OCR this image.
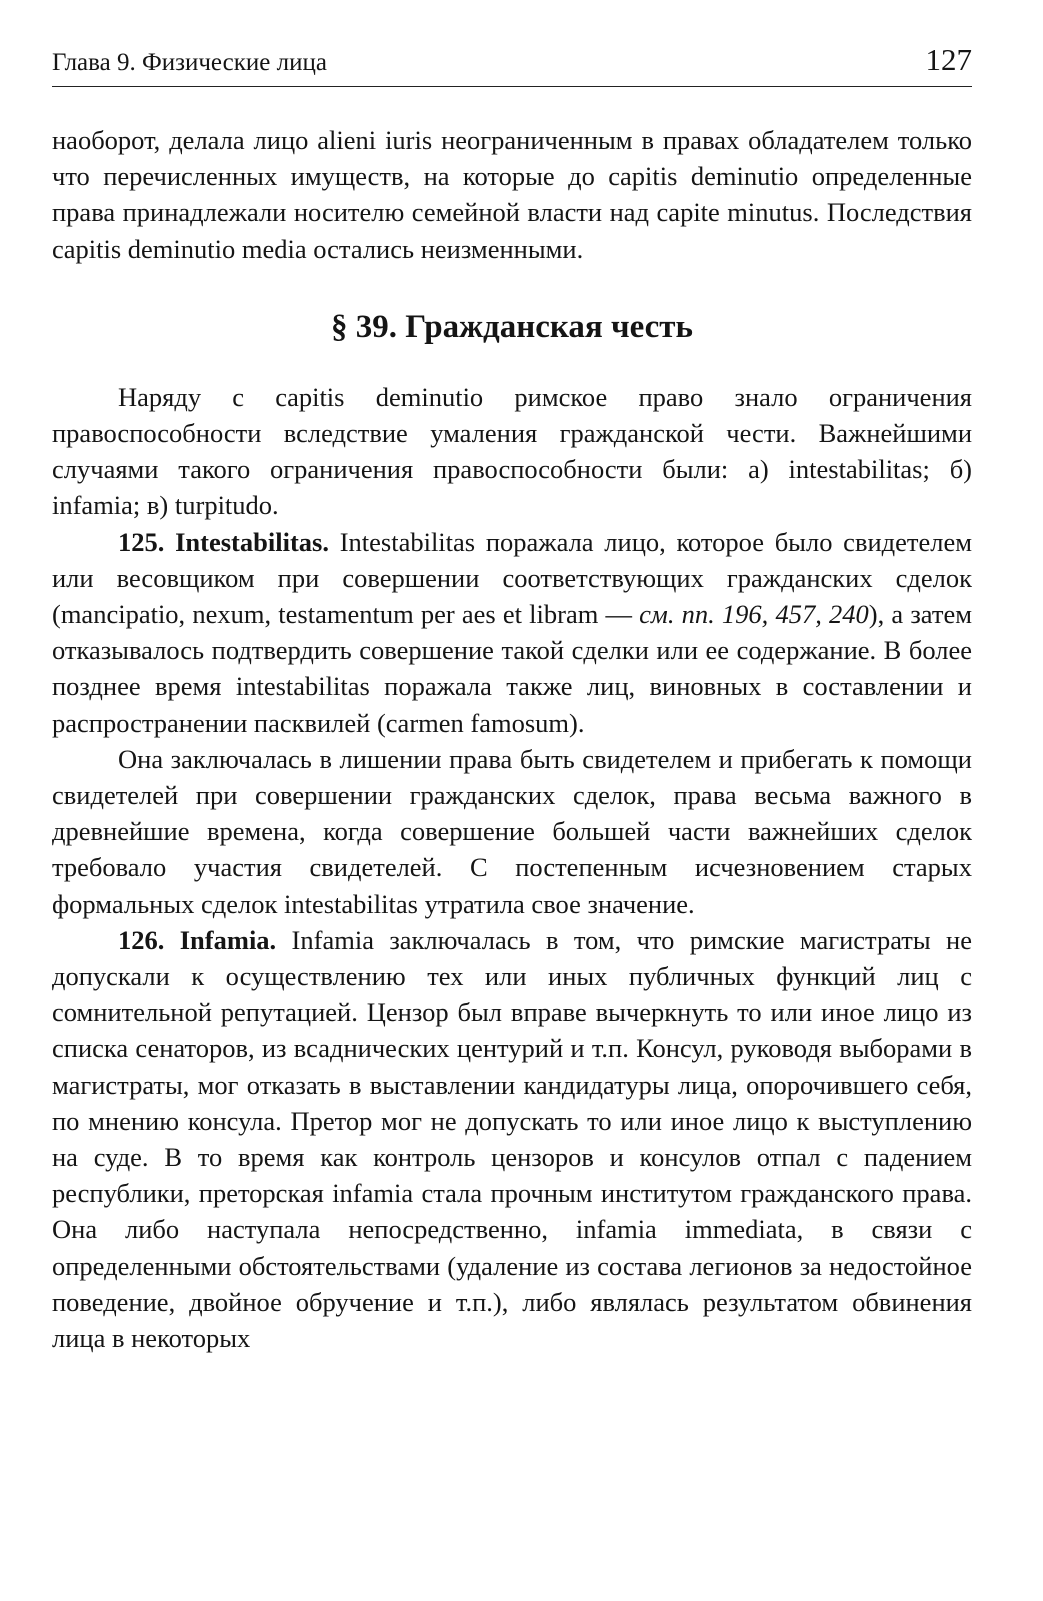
Глава 9. Физические лица	127

наоборот, делала лицо alieni iuris неограниченным в правах обладателем только что перечисленных имуществ, на которые до capitis deminutio определенные права принадлежали носителю семейной власти над capite minutus. Последствия capitis deminutio media остались неизменными.

§ 39. Гражданская честь

Наряду с capitis deminutio римское право знало ограничения правоспособности вследствие умаления гражданской чести. Важнейшими случаями такого ограничения правоспособности были: а) intestabilitas; б) infamia; в) turpitudo.

125. Intestabilitas. Intestabilitas поражала лицо, которое было свидетелем или весовщиком при совершении соответствующих гражданских сделок (mancipatio, nexum, testamentum per aes et libram — см. пп. 196, 457, 240), а затем отказывалось подтвердить совершение такой сделки или ее содержание. В более позднее время intestabilitas поражала также лиц, виновных в составлении и распространении пасквилей (carmen famosum).

Она заключалась в лишении права быть свидетелем и прибегать к помощи свидетелей при совершении гражданских сделок, права весьма важного в древнейшие времена, когда совершение большей части важнейших сделок требовало участия свидетелей. С постепенным исчезновением старых формальных сделок intestabilitas утратила свое значение.

126. Infamia. Infamia заключалась в том, что римские магистраты не допускали к осуществлению тех или иных публичных функций лиц с сомнительной репутацией. Цензор был вправе вычеркнуть то или иное лицо из списка сенаторов, из всаднических центурий и т.п. Консул, руководя выборами в магистраты, мог отказать в выставлении кандидатуры лица, опорочившего себя, по мнению консула. Претор мог не допускать то или иное лицо к выступлению на суде. В то время как контроль цензоров и консулов отпал с падением республики, преторская infamia стала прочным институтом гражданского права. Она либо наступала непосредственно, infamia immediata, в связи с определенными обстоятельствами (удаление из состава легионов за недостойное поведение, двойное обручение и т.п.), либо являлась результатом обвинения лица в некоторых
